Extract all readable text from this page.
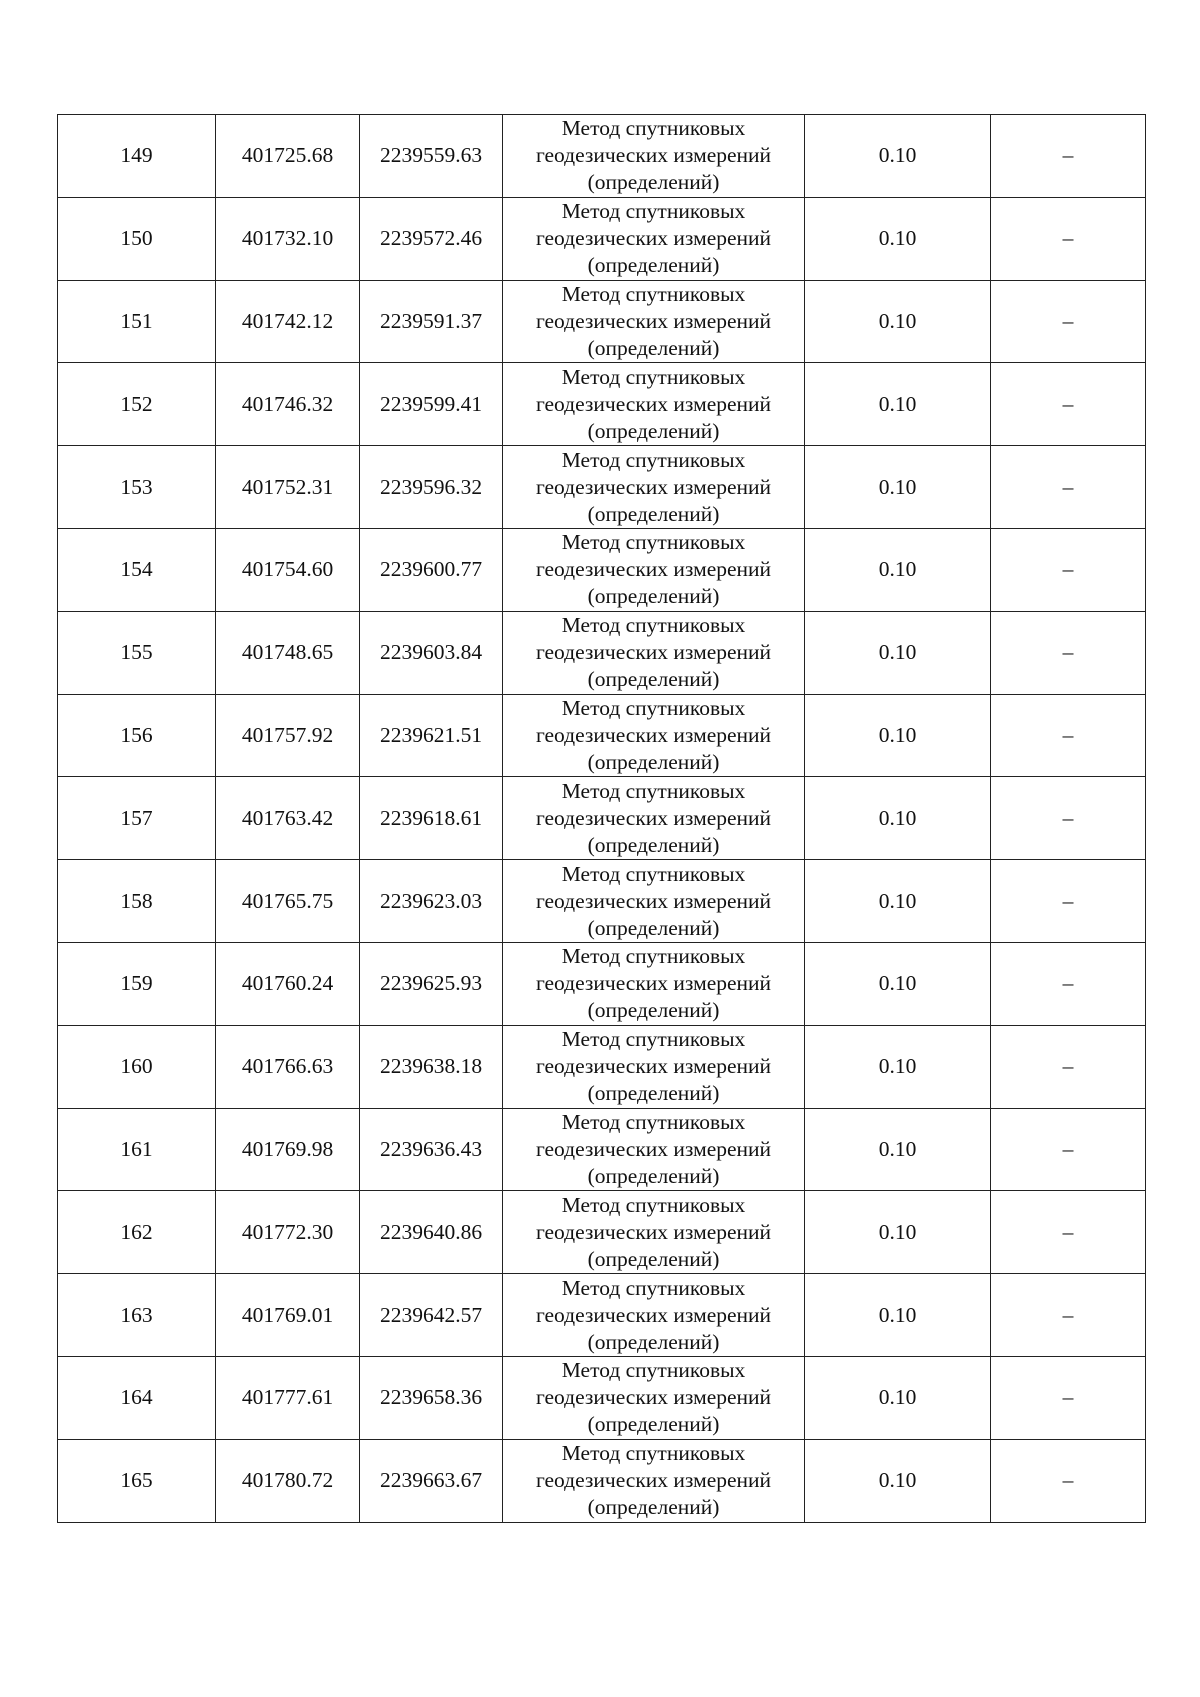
149	401725.68	2239559.63	Метод спутниковых
геодезических измерений
(определений)	0.10	–
150	401732.10	2239572.46	Метод спутниковых
геодезических измерений
(определений)	0.10	–
151	401742.12	2239591.37	Метод спутниковых
геодезических измерений
(определений)	0.10	–
152	401746.32	2239599.41	Метод спутниковых
геодезических измерений
(определений)	0.10	–
153	401752.31	2239596.32	Метод спутниковых
геодезических измерений
(определений)	0.10	–
154	401754.60	2239600.77	Метод спутниковых
геодезических измерений
(определений)	0.10	–
155	401748.65	2239603.84	Метод спутниковых
геодезических измерений
(определений)	0.10	–
156	401757.92	2239621.51	Метод спутниковых
геодезических измерений
(определений)	0.10	–
157	401763.42	2239618.61	Метод спутниковых
геодезических измерений
(определений)	0.10	–
158	401765.75	2239623.03	Метод спутниковых
геодезических измерений
(определений)	0.10	–
159	401760.24	2239625.93	Метод спутниковых
геодезических измерений
(определений)	0.10	–
160	401766.63	2239638.18	Метод спутниковых
геодезических измерений
(определений)	0.10	–
161	401769.98	2239636.43	Метод спутниковых
геодезических измерений
(определений)	0.10	–
162	401772.30	2239640.86	Метод спутниковых
геодезических измерений
(определений)	0.10	–
163	401769.01	2239642.57	Метод спутниковых
геодезических измерений
(определений)	0.10	–
164	401777.61	2239658.36	Метод спутниковых
геодезических измерений
(определений)	0.10	–
165	401780.72	2239663.67	Метод спутниковых
геодезических измерений
(определений)	0.10	–
